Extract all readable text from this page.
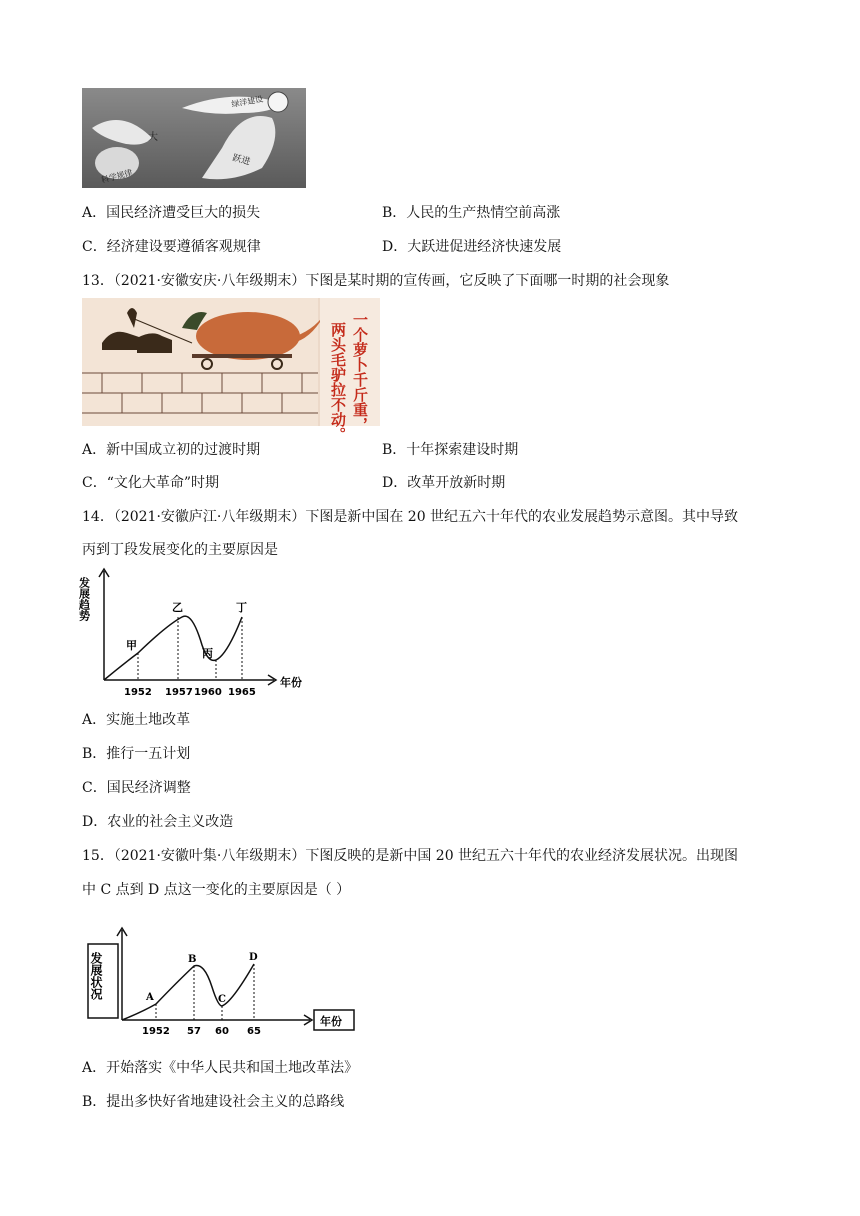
绿洋建设
大
跃进
科学规律
A．国民经济遭受巨大的损失	B．人民的生产热情空前高涨
C．经济建设要遵循客观规律	D．大跃进促进经济快速发展
13．（2021·安徽安庆·八年级期末）下图是某时期的宣传画，它反映了下面哪一时期的社会现象
一个萝卜千斤重，
两头毛驴拉不动。
A．新中国成立初的过渡时期	B．十年探索建设时期
C．“文化大革命”时期	D．改革开放新时期
14．（2021·安徽庐江·八年级期末）下图是新中国在 20 世纪五六十年代的农业发展趋势示意图。其中导致
丙到丁段发展变化的主要原因是
发展趋势
年份
甲
乙
丙
丁
1952 1957 1960 1965
A．实施土地改革
B．推行一五计划
C．国民经济调整
D．农业的社会主义改造
15．（2021·安徽叶集·八年级期末）下图反映的是新中国 20 世纪五六十年代的农业经济发展状况。出现图
中 C 点到 D 点这一变化的主要原因是（ ）
发展状况
年份
A
B
C
D
1952 57 60 65
A．开始落实《中华人民共和国土地改革法》
B．提出多快好省地建设社会主义的总路线
